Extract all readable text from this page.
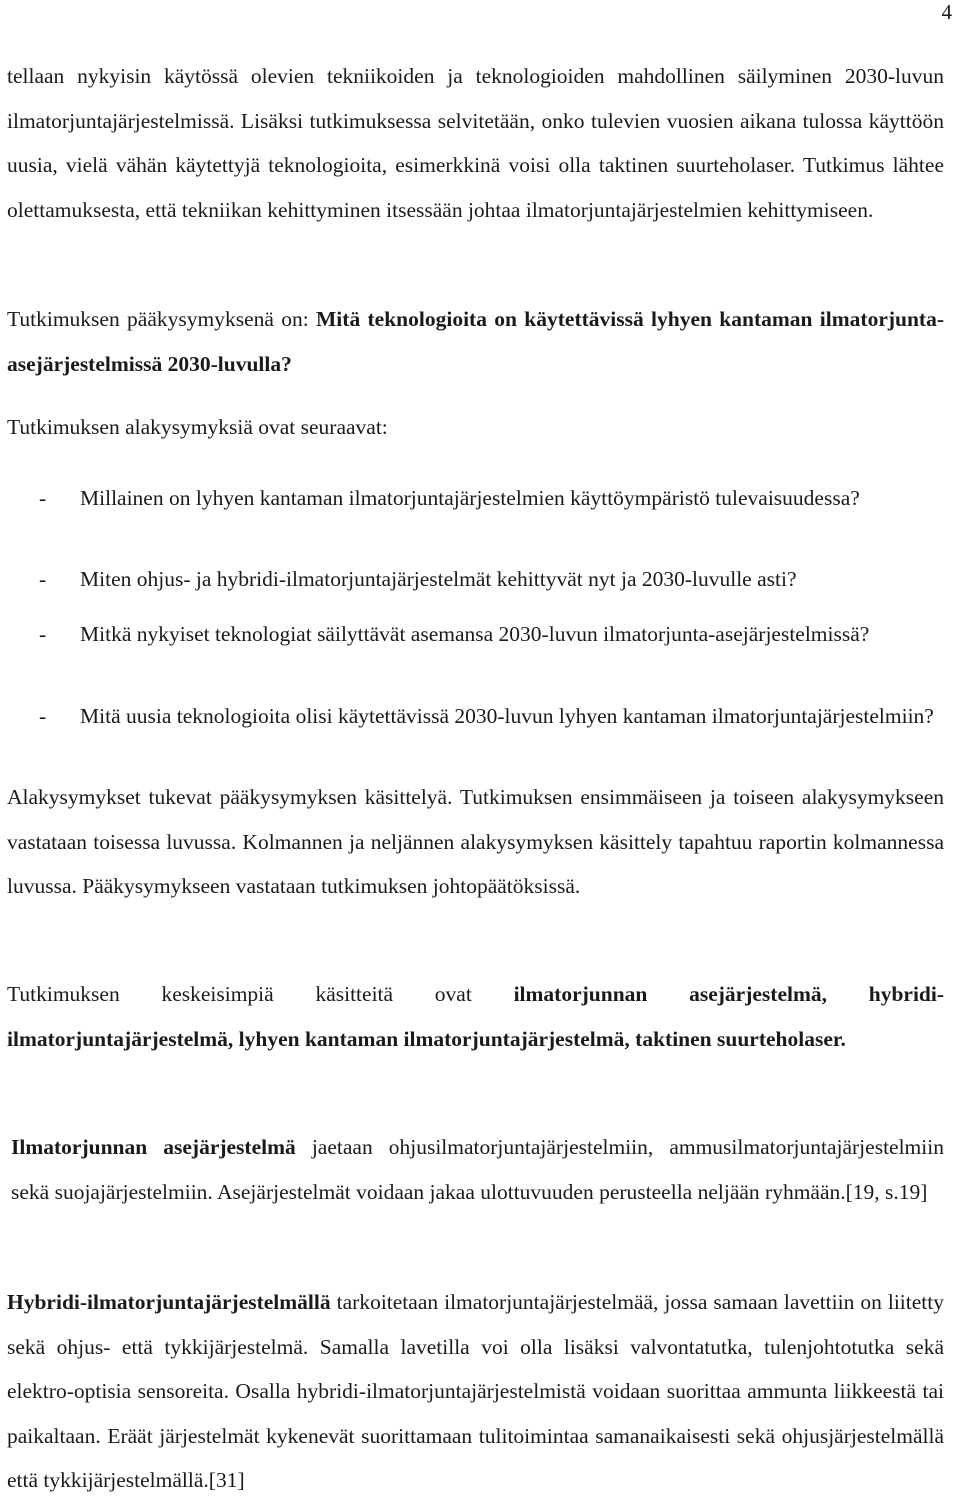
4
tellaan nykyisin käytössä olevien tekniikoiden ja teknologioiden mahdollinen säilyminen 2030-luvun ilmatorjuntajärjestelmissä. Lisäksi tutkimuksessa selvitetään, onko tulevien vuosien aikana tulossa käyttöön uusia, vielä vähän käytettyjä teknologioita, esimerkkinä voisi olla taktinen suurteholaser. Tutkimus lähtee olettamuksesta, että tekniikan kehittyminen itsessään johtaa ilmatorjuntajärjestelmien kehittymiseen.
Tutkimuksen pääkysymyksenä on: Mitä teknologioita on käytettävissä lyhyen kantaman ilmatorjunta-asejärjestelmissä 2030-luvulla?
Tutkimuksen alakysymyksiä ovat seuraavat:
- Millainen on lyhyen kantaman ilmatorjuntajärjestelmien käyttöympäristö tulevaisuudessa?
- Miten ohjus- ja hybridi-ilmatorjuntajärjestelmät kehittyvät nyt ja 2030-luvulle asti?
- Mitkä nykyiset teknologiat säilyttävät asemansa 2030-luvun ilmatorjunta-asejärjestelmissä?
- Mitä uusia teknologioita olisi käytettävissä 2030-luvun lyhyen kantaman ilmatorjuntajärjestelmiin?
Alakysymykset tukevat pääkysymyksen käsittelyä. Tutkimuksen ensimmäiseen ja toiseen alakysymykseen vastataan toisessa luvussa. Kolmannen ja neljännen alakysymyksen käsittely tapahtuu raportin kolmannessa luvussa. Pääkysymykseen vastataan tutkimuksen johtopäätöksissä.
Tutkimuksen keskeisimpiä käsitteitä ovat ilmatorjunnan asejärjestelmä, hybridi-ilmatorjuntajärjestelmä, lyhyen kantaman ilmatorjuntajärjestelmä, taktinen suurteholaser.
Ilmatorjunnan asejärjestelmä jaetaan ohjusilmatorjuntajärjestelmiin, ammusilmatorjuntajärjestelmiin sekä suojajärjestelmiin. Asejärjestelmät voidaan jakaa ulottuvuuden perusteella neljään ryhmään.[19, s.19]
Hybridi-ilmatorjuntajärjestelmällä tarkoitetaan ilmatorjuntajärjestelmää, jossa samaan lavettiin on liitetty sekä ohjus- että tykkijärjestelmä. Samalla lavetilla voi olla lisäksi valvontatutka, tulenjohtotutka sekä elektro-optisia sensoreita. Osalla hybridi-ilmatorjuntajärjestelmistä voidaan suorittaa ammunta liikkeestä tai paikaltaan. Eräät järjestelmät kykenevät suorittamaan tulitoimintaa samanaikaisesti sekä ohjusjärjestelmällä että tykkijärjestelmällä.[31]
